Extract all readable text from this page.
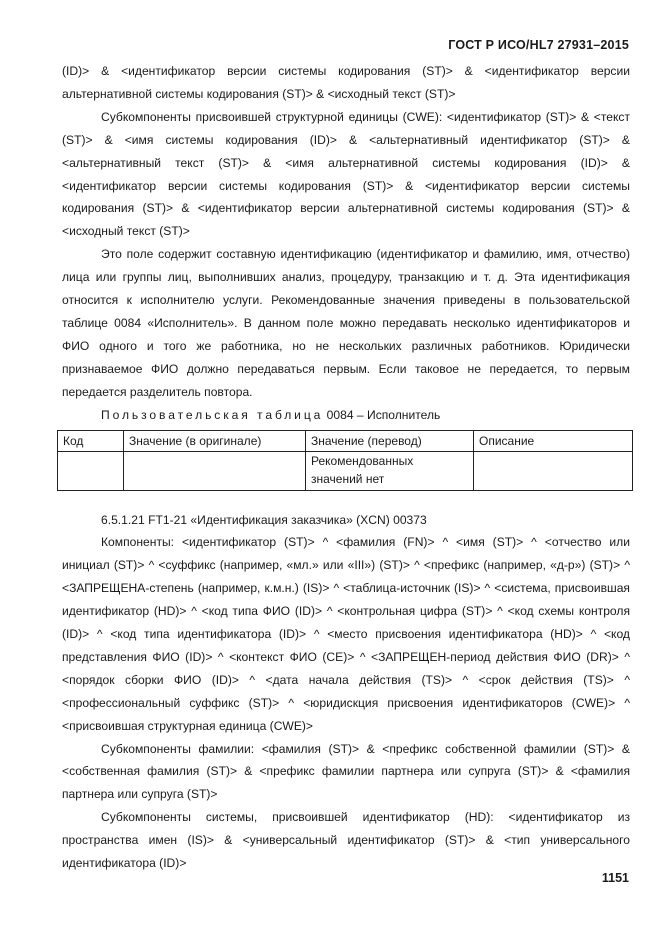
ГОСТ Р ИСО/HL7 27931–2015

(ID)> & <идентификатор версии системы кодирования (ST)> & <идентификатор версии альтернативной системы кодирования (ST)> & <исходный текст (ST)>

Субкомпоненты присвоившей структурной единицы (CWE): <идентификатор (ST)> & <текст (ST)> & <имя системы кодирования (ID)> & <альтернативный идентификатор (ST)> & <альтернативный текст (ST)> & <имя альтернативной системы кодирования (ID)> & <идентификатор версии системы кодирования (ST)> & <идентификатор версии системы кодирования (ST)> & <идентификатор версии альтернативной системы кодирования (ST)> & <исходный текст (ST)>

Это поле содержит составную идентификацию (идентификатор и фамилию, имя, отчество) лица или группы лиц, выполнивших анализ, процедуру, транзакцию и т. д. Эта идентификация относится к исполнителю услуги. Рекомендованные значения приведены в пользовательской таблице 0084 «Исполнитель». В данном поле можно передавать несколько идентификаторов и ФИО одного и того же работника, но не нескольких различных работников. Юридически признаваемое ФИО должно передаваться первым. Если таковое не передается, то первым передается разделитель повтора.

Пользовательская таблица 0084 – Исполнитель

Код	Значение (в оригинале)	Значение (перевод)	Описание
		Рекомендованных значений нет	

6.5.1.21 FT1-21 «Идентификация заказчика» (XCN) 00373

Компоненты: <идентификатор (ST)> ^ <фамилия (FN)> ^ <имя (ST)> ^ <отчество или инициал (ST)> ^ <суффикс (например, «мл.» или «III») (ST)> ^ <префикс (например, «д-р») (ST)> ^ <ЗАПРЕЩЕНА-степень (например, к.м.н.) (IS)> ^ <таблица-источник (IS)> ^ <система, присвоившая идентификатор (HD)> ^ <код типа ФИО (ID)> ^ <контрольная цифра (ST)> ^ <код схемы контроля (ID)> ^ <код типа идентификатора (ID)> ^ <место присвоения идентификатора (HD)> ^ <код представления ФИО (ID)> ^ <контекст ФИО (CE)> ^ <ЗАПРЕЩЕН-период действия ФИО (DR)> ^ <порядок сборки ФИО (ID)> ^ <дата начала действия (TS)> ^ <срок действия (TS)> ^ <профессиональный суффикс (ST)> ^ <юридиcкция присвоения идентификаторов (CWE)> ^ <присвоившая структурная единица (CWE)>

Субкомпоненты фамилии: <фамилия (ST)> & <префикс собственной фамилии (ST)> & <собственная фамилия (ST)> & <префикс фамилии партнера или супруга (ST)> & <фамилия партнера или супруга (ST)>

Субкомпоненты системы, присвоившей идентификатор (HD): <идентификатор из пространства имен (IS)> & <универсальный идентификатор (ST)> & <тип универсального идентификатора (ID)>

1151
